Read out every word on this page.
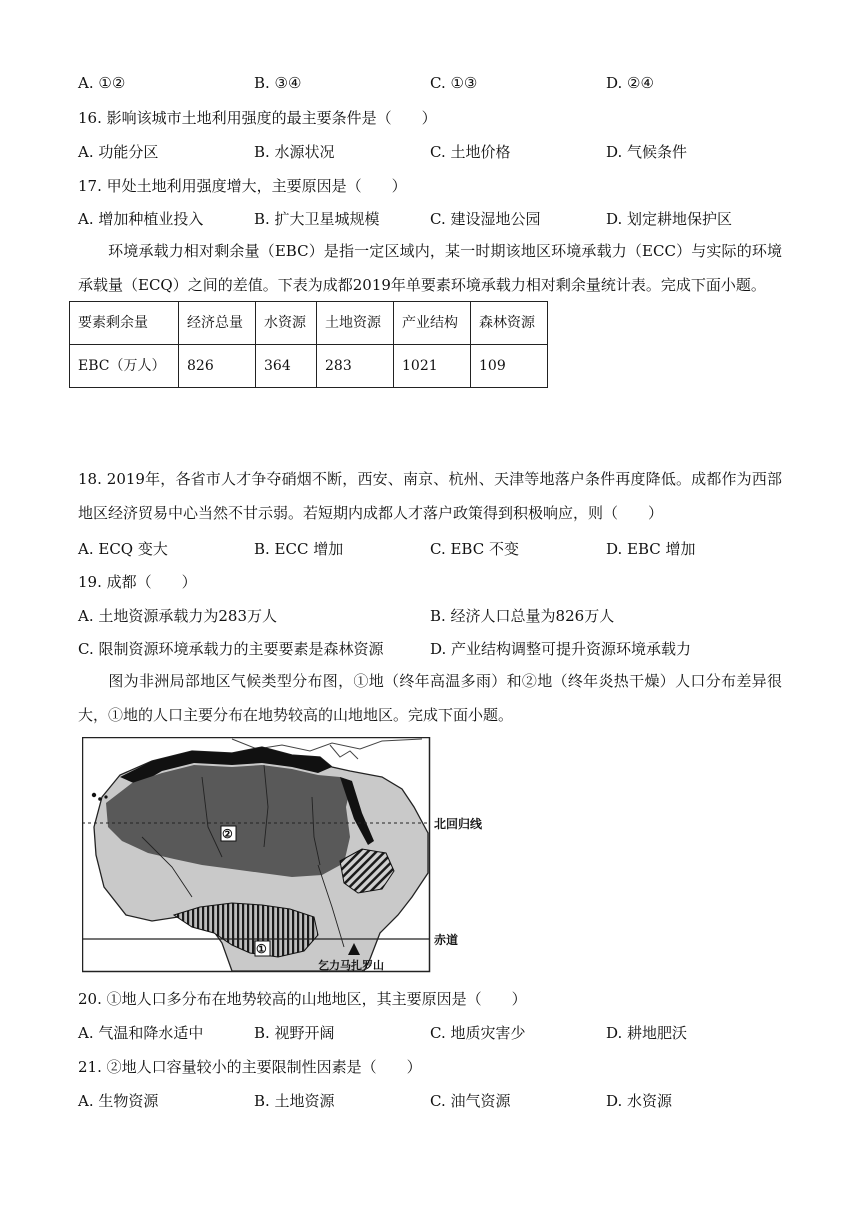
A. ①②	B. ③④	C. ①③	D. ②④
16. 影响该城市土地利用强度的最主要条件是（　　）
A. 功能分区	B. 水源状况	C. 土地价格	D. 气候条件
17. 甲处土地利用强度增大，主要原因是（　　）
A. 增加种植业投入	B. 扩大卫星城规模	C. 建设湿地公园	D. 划定耕地保护区
环境承载力相对剩余量（EBC）是指一定区域内，某一时期该地区环境承载力（ECC）与实际的环境承载量（ECQ）之间的差值。下表为成都2019年单要素环境承载力相对剩余量统计表。完成下面小题。
要素剩余量	经济总量	水资源	土地资源	产业结构	森林资源
EBC（万人）	826	364	283	1021	109
18. 2019年，各省市人才争夺硝烟不断，西安、南京、杭州、天津等地落户条件再度降低。成都作为西部地区经济贸易中心当然不甘示弱。若短期内成都人才落户政策得到积极响应，则（　　）
A. ECQ 变大	B. ECC 增加	C. EBC 不变	D. EBC 增加
19. 成都（　　）
A. 土地资源承载力为283万人	B. 经济人口总量为826万人
C. 限制资源环境承载力的主要要素是森林资源	D. 产业结构调整可提升资源环境承载力
图为非洲局部地区气候类型分布图，①地（终年高温多雨）和②地（终年炎热干燥）人口分布差异很大，①地的人口主要分布在地势较高的山地地区。完成下面小题。
②
①
北回归线
赤道
乞力马扎罗山
20. ①地人口多分布在地势较高的山地地区，其主要原因是（　　）
A. 气温和降水适中	B. 视野开阔	C. 地质灾害少	D. 耕地肥沃
21. ②地人口容量较小的主要限制性因素是（　　）
A. 生物资源	B. 土地资源	C. 油气资源	D. 水资源
